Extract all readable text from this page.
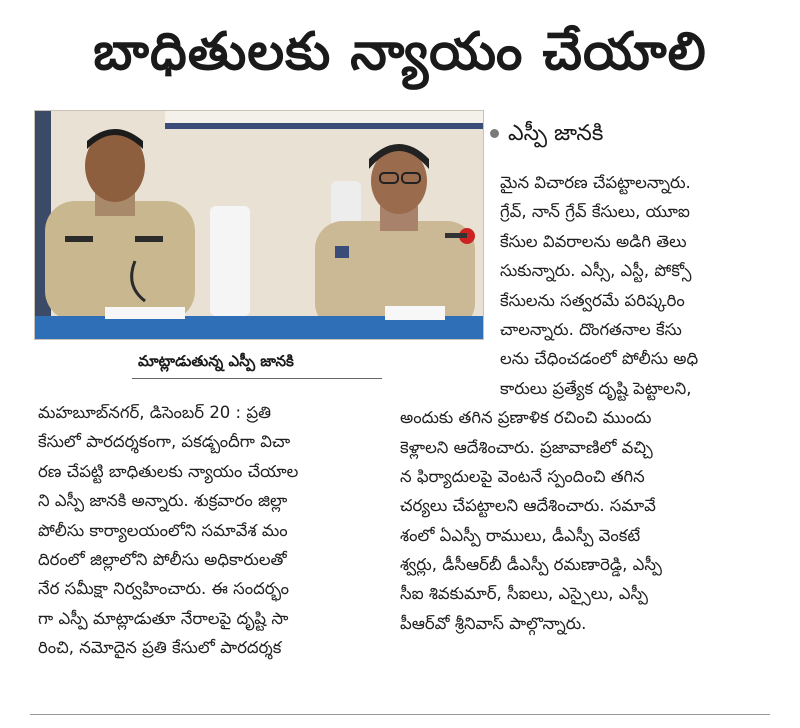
బాధితులకు న్యాయం చేయాలి
మాట్లాడుతున్న ఎస్పీ జానకి
ఎస్పీ జానకి
మహబూబ్‌నగర్, డిసెంబర్ 20 : ప్రతి
కేసులో పారదర్శకంగా, పకడ్బందీగా విచా
రణ చేపట్టి బాధితులకు న్యాయం చేయాల
ని ఎస్పీ జానకి అన్నారు. శుక్రవారం జిల్లా
పోలీసు కార్యాలయంలోని సమావేశ మం
దిరంలో జిల్లాలోని పోలీసు అధికారులతో
నేర సమీక్షా నిర్వహించారు. ఈ సందర్భం
గా ఎస్పీ మాట్లాడుతూ నేరాలపై దృష్టి సా
రించి, నమోదైన ప్రతి కేసులో పారదర్శక
మైన విచారణ చేపట్టాలన్నారు.
గ్రేవ్, నాన్ గ్రేవ్ కేసులు, యూఐ
కేసుల వివరాలను అడిగి తెలు
సుకున్నారు. ఎస్సీ, ఎస్టీ, పోక్సో
కేసులను సత్వరమే పరిష్కరిం
చాలన్నారు. దొంగతనాల కేసు
లను చేధించడంలో పోలీసు అధి
కారులు ప్రత్యేక దృష్టి పెట్టాలని,
అందుకు తగిన ప్రణాళిక రచించి ముందు
కెళ్లాలని ఆదేశించారు. ప్రజావాణిలో వచ్చి
న ఫిర్యాదులపై వెంటనే స్పందించి తగిన
చర్యలు చేపట్టాలని ఆదేశించారు. సమావే
శంలో ఏఎస్పీ రాములు, డీఎస్పీ వెంకటే
శ్వర్లు, డీసీఆర్‌బీ డీఎస్పీ రమణారెడ్డి, ఎస్పీ
సీఐ శివకుమార్, సీఐలు, ఎస్సైలు, ఎస్పీ
పీఆర్‌వో శ్రీనివాస్ పాల్గొన్నారు.
